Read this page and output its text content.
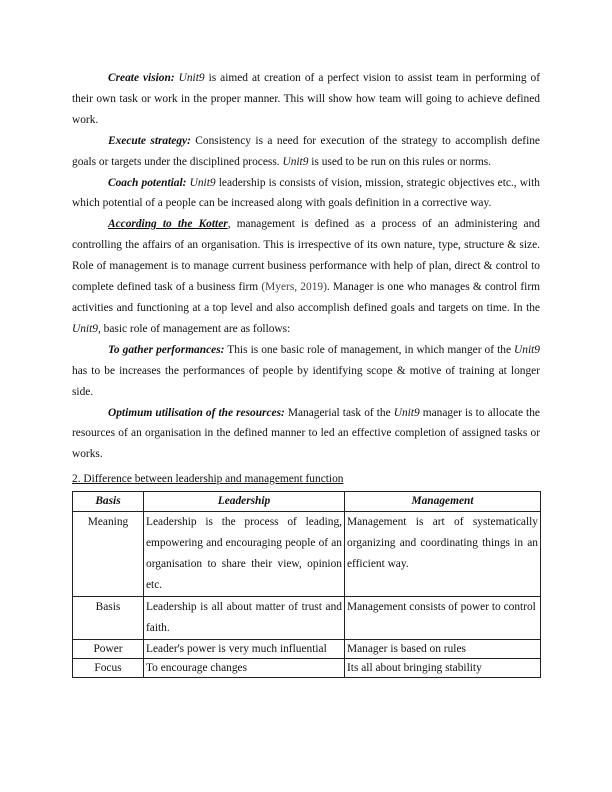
Create vision: Unit9 is aimed at creation of a perfect vision to assist team in performing of their own task or work in the proper manner. This will show how team will going to achieve defined work.

Execute strategy: Consistency is a need for execution of the strategy to accomplish define goals or targets under the disciplined process. Unit9 is used to be run on this rules or norms.

Coach potential: Unit9 leadership is consists of vision, mission, strategic objectives etc., with which potential of a people can be increased along with goals definition in a corrective way.

According to the Kotter, management is defined as a process of an administering and controlling the affairs of an organisation. This is irrespective of its own nature, type, structure & size. Role of management is to manage current business performance with help of plan, direct & control to complete defined task of a business firm (Myers, 2019). Manager is one who manages & control firm activities and functioning at a top level and also accomplish defined goals and targets on time. In the Unit9, basic role of management are as follows:

To gather performances: This is one basic role of management, in which manger of the Unit9 has to be increases the performances of people by identifying scope & motive of training at longer side.

Optimum utilisation of the resources: Managerial task of the Unit9 manager is to allocate the resources of an organisation in the defined manner to led an effective completion of assigned tasks or works.

2. Difference between leadership and management function

Basis	Leadership	Management
Meaning	Leadership is the process of leading, empowering and encouraging people of an organisation to share their view, opinion etc.	Management is art of systematically organizing and coordinating things in an efficient way.
Basis	Leadership is all about matter of trust and faith.	Management consists of power to control
Power	Leader's power is very much influential	Manager is based on rules
Focus	To encourage changes	Its all about bringing stability
